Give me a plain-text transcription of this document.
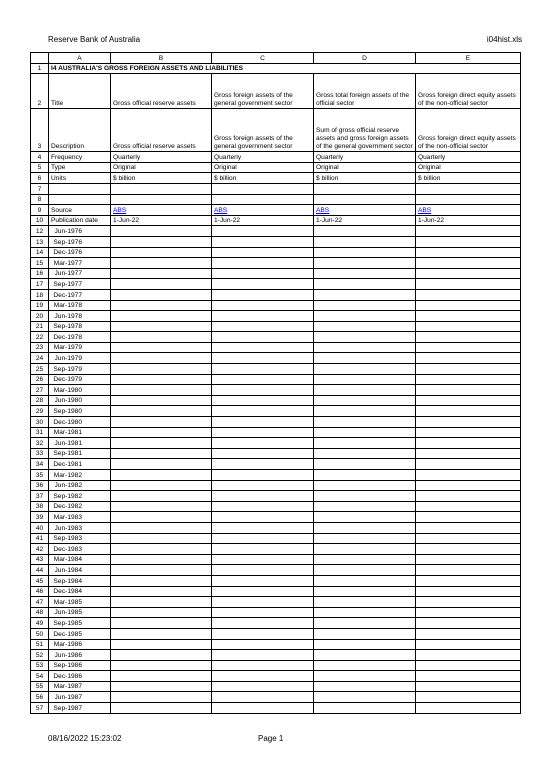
Reserve Bank of Australia	i04hist.xls
	A	B	C	D	E
1	I4 AUSTRALIA'S GROSS FOREIGN ASSETS AND LIABILITIES				
2	Title	Gross official reserve assets	Gross foreign assets of the general government sector	Gross total foreign assets of the official sector	Gross foreign direct equity assets of the non-official sector
3	Description	Gross official reserve assets	Gross foreign assets of the general government sector	Sum of gross official reserve assets and gross foreign assets of the general government sector	Gross foreign direct equity assets of the non-official sector
4	Frequency	Quarterly	Quarterly	Quarterly	Quarterly
5	Type	Original	Original	Original	Original
6	Units	$ billion	$ billion	$ billion	$ billion
7					
8					
9	Source	ABS	ABS	ABS	ABS
10	Publication date	1-Jun-22	1-Jun-22	1-Jun-22	1-Jun-22
12	Jun-1976				
13	Sep-1976				
14	Dec-1976				
15	Mar-1977				
16	Jun-1977				
17	Sep-1977				
18	Dec-1977				
19	Mar-1978				
20	Jun-1978				
21	Sep-1978				
22	Dec-1978				
23	Mar-1979				
24	Jun-1979				
25	Sep-1979				
26	Dec-1979				
27	Mar-1980				
28	Jun-1980				
29	Sep-1980				
30	Dec-1980				
31	Mar-1981				
32	Jun-1981				
33	Sep-1981				
34	Dec-1981				
35	Mar-1982				
36	Jun-1982				
37	Sep-1982				
38	Dec-1982				
39	Mar-1983				
40	Jun-1983				
41	Sep-1983				
42	Dec-1983				
43	Mar-1984				
44	Jun-1984				
45	Sep-1984				
46	Dec-1984				
47	Mar-1985				
48	Jun-1985				
49	Sep-1985				
50	Dec-1985				
51	Mar-1986				
52	Jun-1986				
53	Sep-1986				
54	Dec-1986				
55	Mar-1987				
56	Jun-1987				
57	Sep-1987				
08/16/2022 15:23:02	Page 1
